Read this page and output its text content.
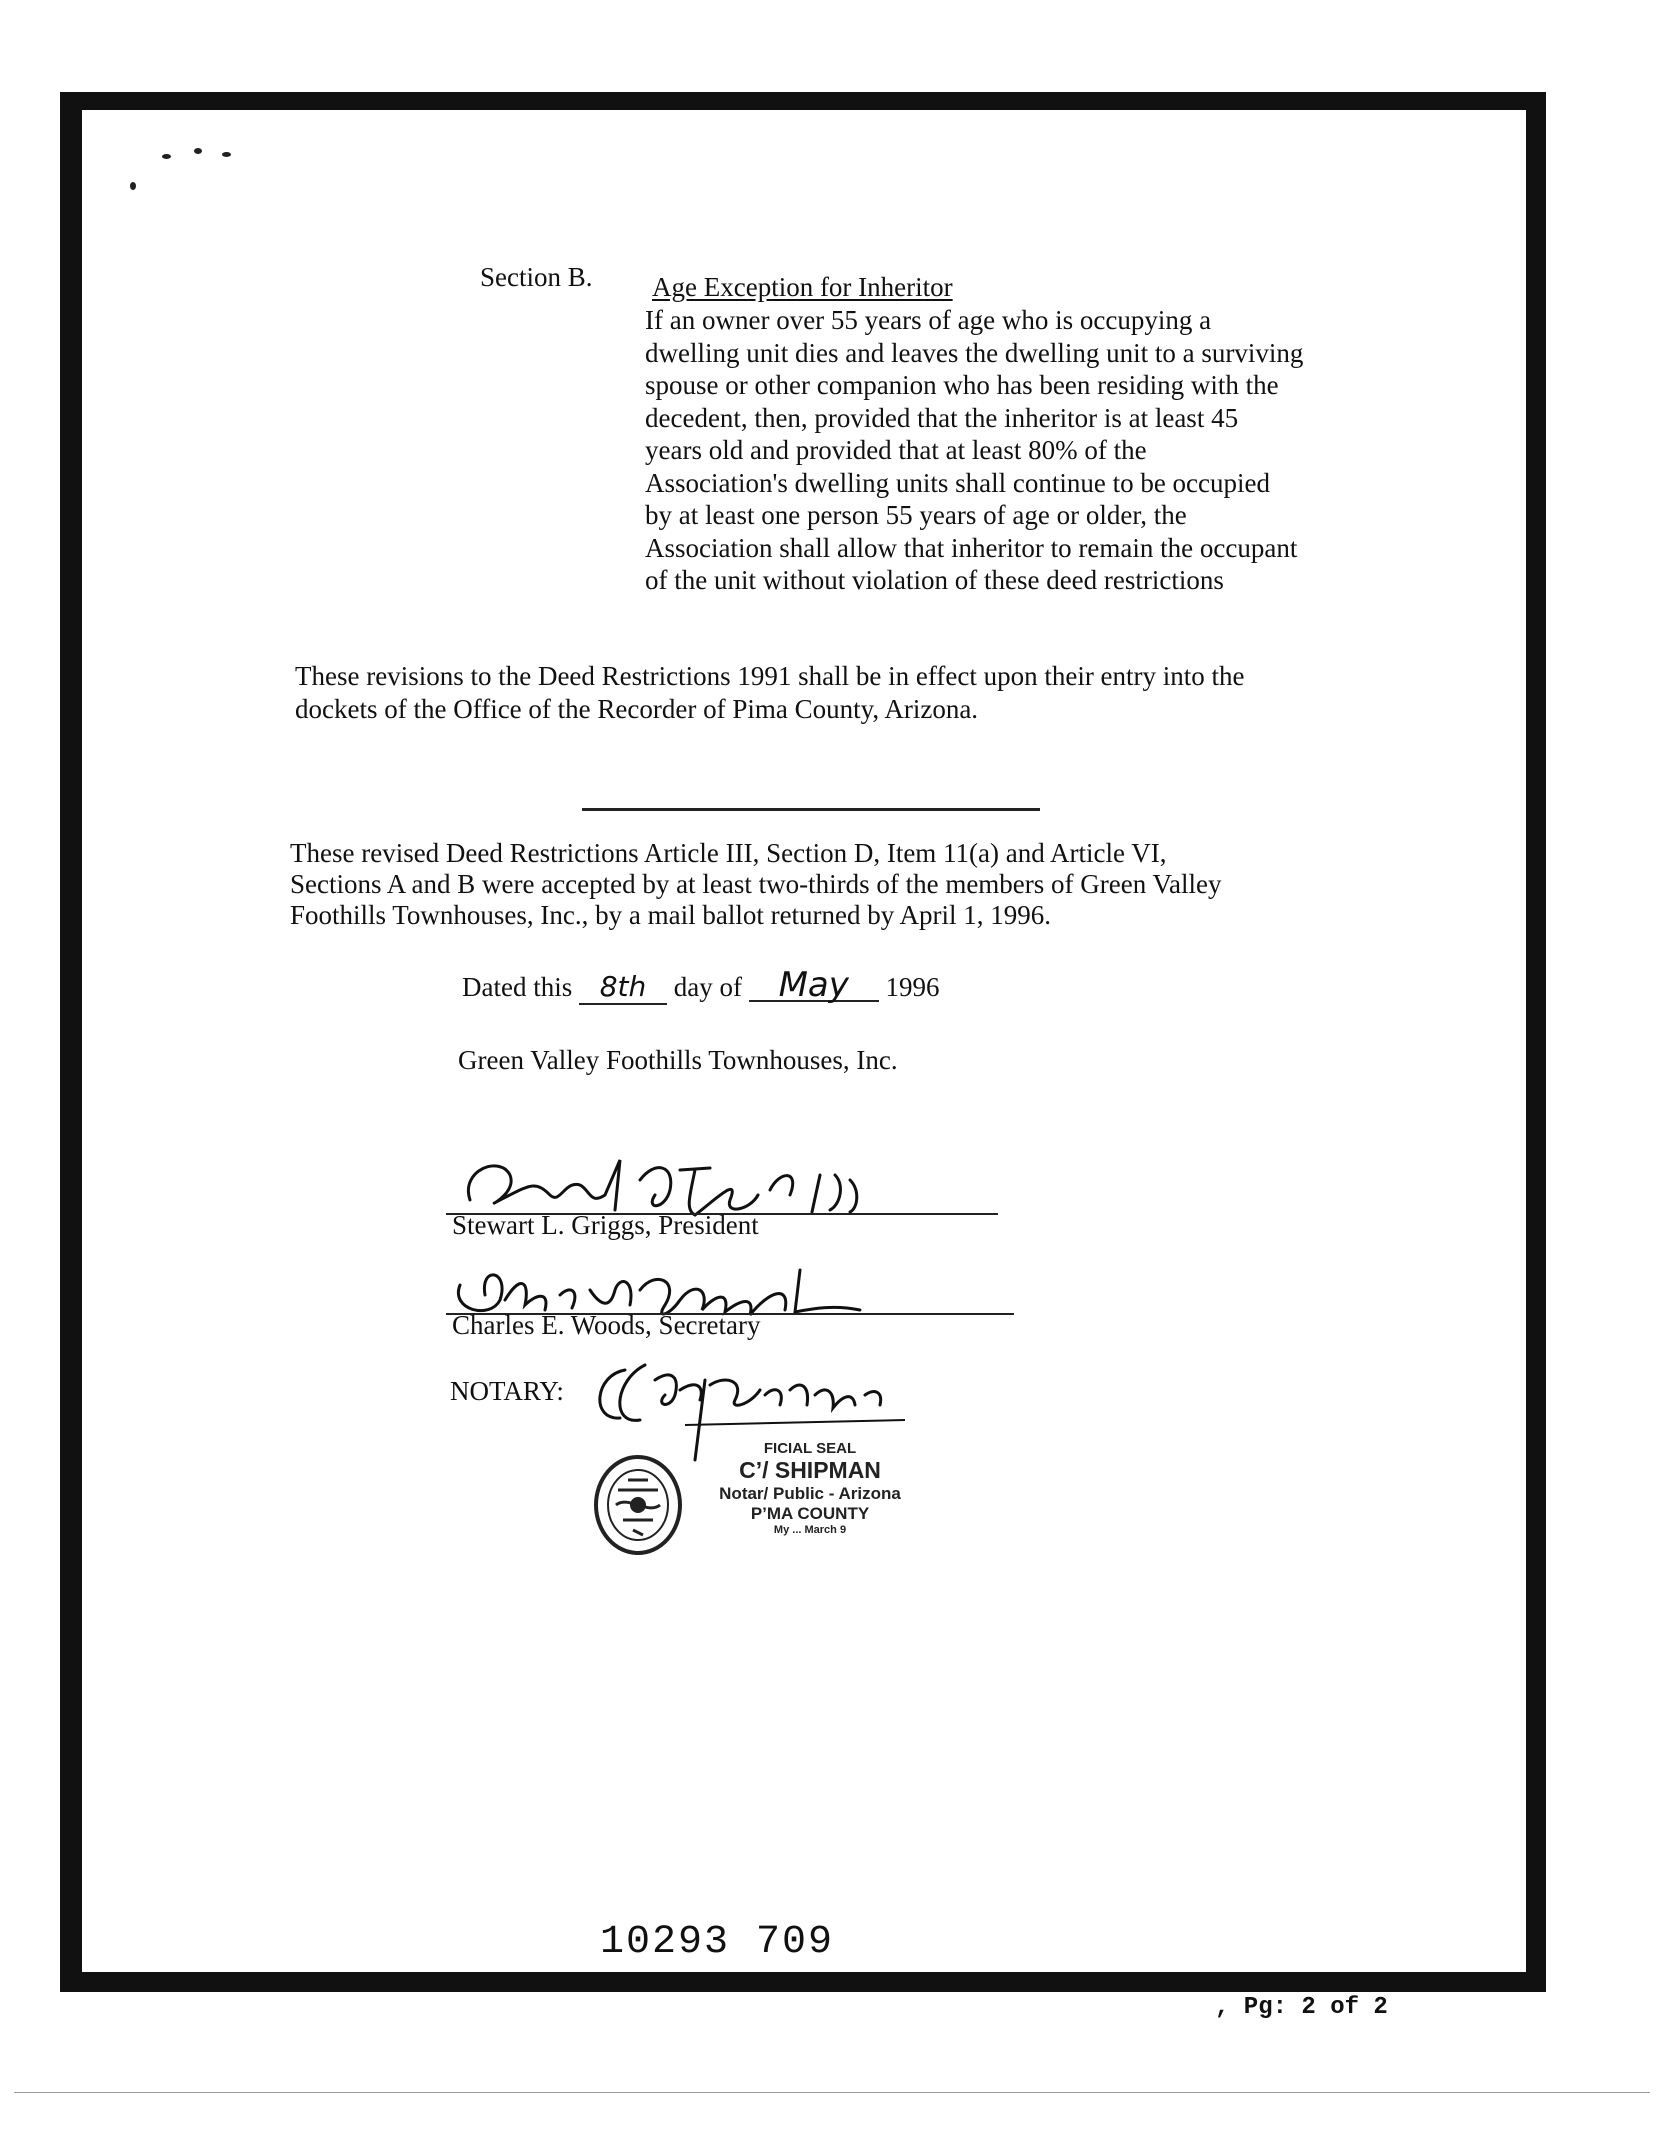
Section B. Age Exception for Inheritor
If an owner over 55 years of age who is occupying a
dwelling unit dies and leaves the dwelling unit to a surviving
spouse or other companion who has been residing with the
decedent, then, provided that the inheritor is at least 45
years old and provided that at least 80% of the
Association's dwelling units shall continue to be occupied
by at least one person 55 years of age or older, the
Association shall allow that inheritor to remain the occupant
of the unit without violation of these deed restrictions
These revisions to the Deed Restrictions 1991 shall be in effect upon their entry into the
dockets of the Office of the Recorder of Pima County, Arizona.
These revised Deed Restrictions Article III, Section D, Item 11(a) and Article VI,
Sections A and B were accepted by at least two-thirds of the members of Green Valley
Foothills Townhouses, Inc., by a mail ballot returned by April 1, 1996.
Dated this 8th day of May 1996
Green Valley Foothills Townhouses, Inc.
Stewart L. Griggs, President
Charles E. Woods, Secretary
NOTARY:
FICIAL SEAL
C’/ SHIPMAN
Notar/ Public - Arizona
P’MA COUNTY
My ... March 9
10293 709
, Pg: 2 of 2
